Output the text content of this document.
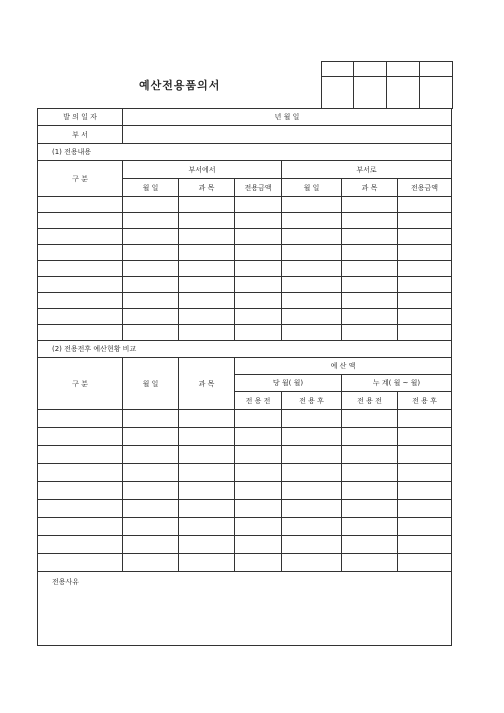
예산전용품의서

발 의 일 자	년 월 일					
부 서						
(1) 전용내용						
구 분	부서에서			부서로		
	월 일	과 목	전용금액	월 일	과 목	전용금액

(2) 전용전후 예산현황 비교						
구 분	월 일	과 목	예 산 액			
			당 월( 월)		누 계( 월 ~ 월)	
			전 용 전	전 용 후	전 용 전	전 용 후

전용사유						
